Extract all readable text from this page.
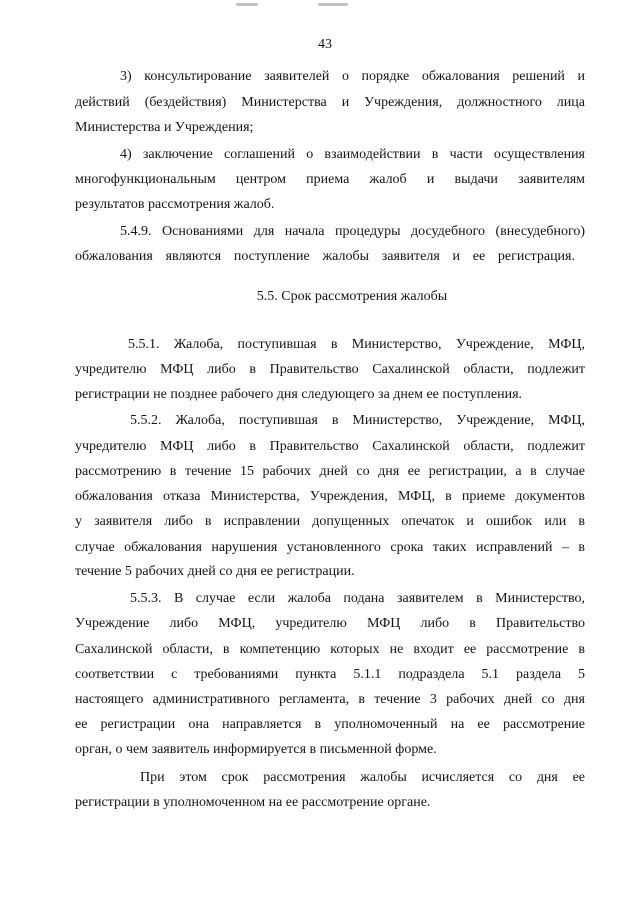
43
3) консультирование заявителей о порядке обжалования решений и
действий (бездействия) Министерства и Учреждения, должностного лица
Министерства и Учреждения;
4) заключение соглашений о взаимодействии в части осуществления
многофункциональным центром приема жалоб и выдачи заявителям
результатов рассмотрения жалоб.
5.4.9. Основаниями для начала процедуры досудебного (внесудебного)
обжалования являются поступление жалобы заявителя и ее регистрация.
5.5. Срок рассмотрения жалобы
5.5.1. Жалоба, поступившая в Министерство, Учреждение, МФЦ,
учредителю МФЦ либо в Правительство Сахалинской области, подлежит
регистрации не позднее рабочего дня следующего за днем ее поступления.
5.5.2. Жалоба, поступившая в Министерство, Учреждение, МФЦ,
учредителю МФЦ либо в Правительство Сахалинской области, подлежит
рассмотрению в течение 15 рабочих дней со дня ее регистрации, а в случае
обжалования отказа Министерства, Учреждения, МФЦ, в приеме документов
у заявителя либо в исправлении допущенных опечаток и ошибок или в
случае обжалования нарушения установленного срока таких исправлений – в
течение 5 рабочих дней со дня ее регистрации.
5.5.3. В случае если жалоба подана заявителем в Министерство,
Учреждение либо МФЦ, учредителю МФЦ либо в Правительство
Сахалинской области, в компетенцию которых не входит ее рассмотрение в
соответствии с требованиями пункта 5.1.1 подраздела 5.1 раздела 5
настоящего административного регламента, в течение 3 рабочих дней со дня
ее регистрации она направляется в уполномоченный на ее рассмотрение
орган, о чем заявитель информируется в письменной форме.
При этом срок рассмотрения жалобы исчисляется со дня ее
регистрации в уполномоченном на ее рассмотрение органе.
